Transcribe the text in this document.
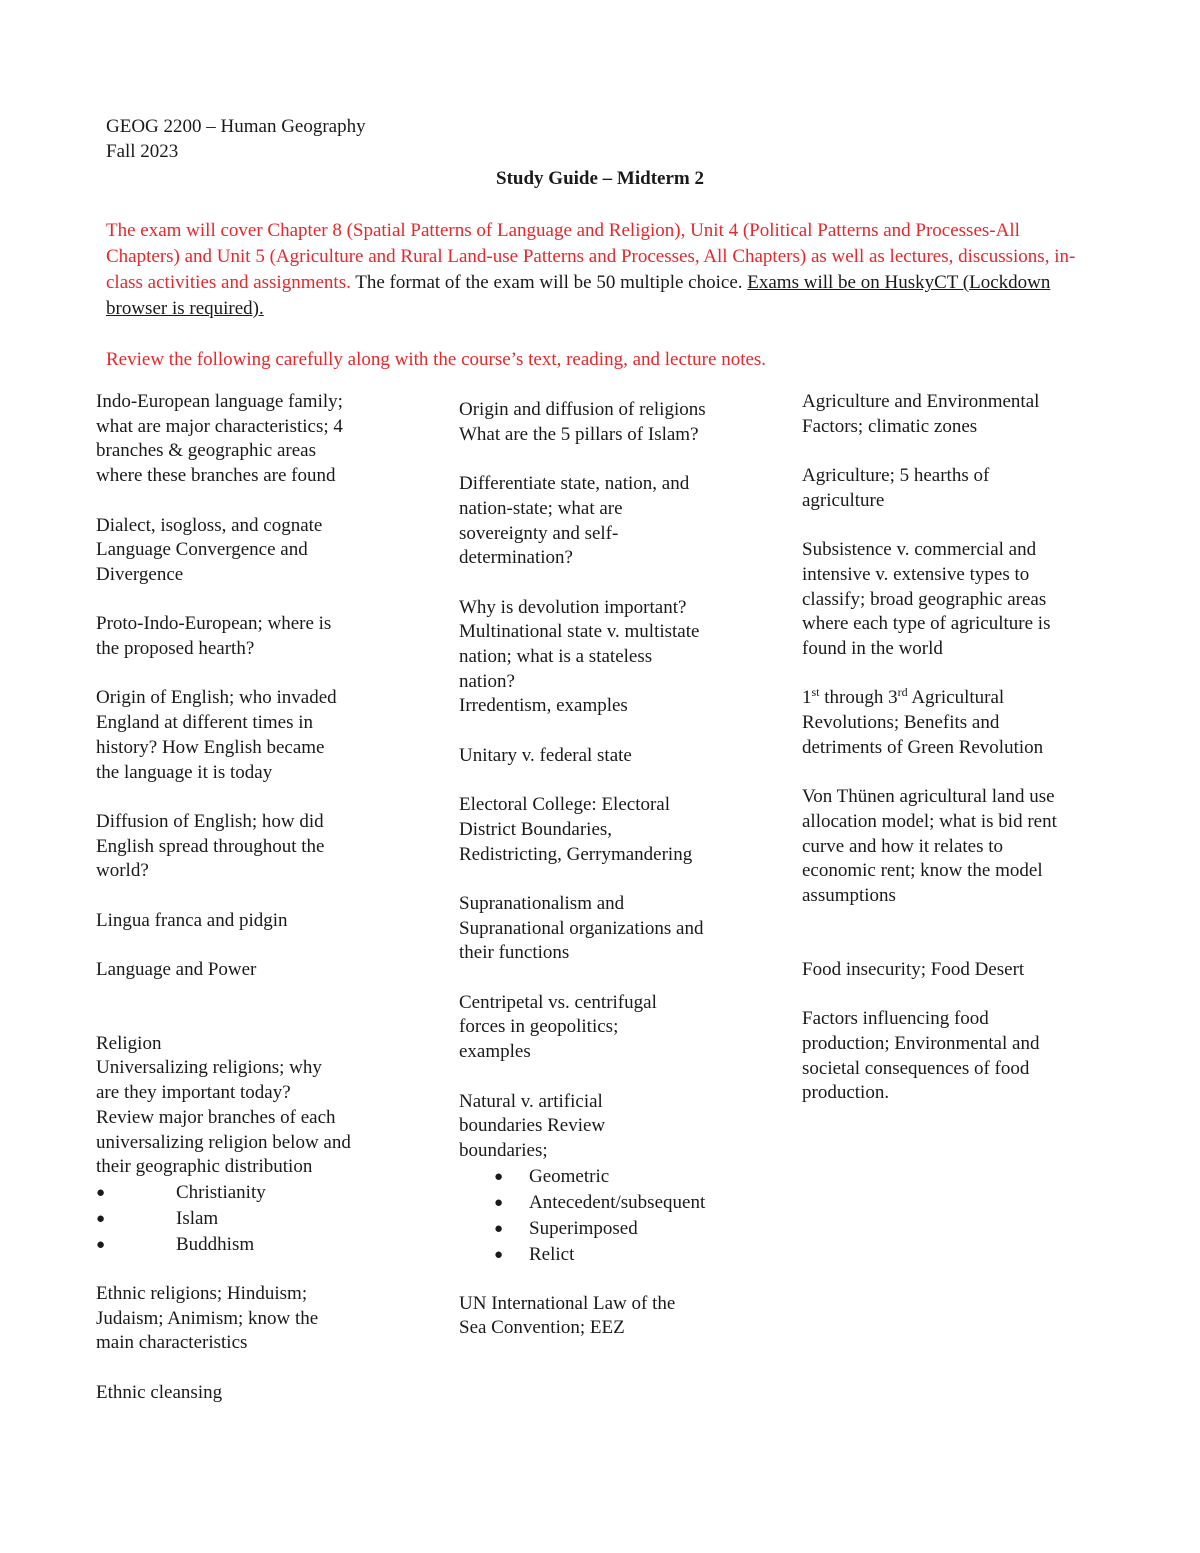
GEOG 2200 – Human Geography

Fall 2023

Study Guide – Midterm 2

The exam will cover Chapter 8 (Spatial Patterns of Language and Religion), Unit 4 (Political Patterns and Processes-All Chapters) and Unit 5 (Agriculture and Rural Land-use Patterns and Processes, All Chapters) as well as lectures, discussions, in-class activities and assignments. The format of the exam will be 50 multiple choice. Exams will be on HuskyCT (Lockdown browser is required).

Review the following carefully along with the course’s text, reading, and lecture notes.

Indo-European language family;

what are major characteristics; 4

branches & geographic areas

where these branches are found

Dialect, isogloss, and cognate

Language Convergence and

Divergence

Proto-Indo-European; where is

the proposed hearth?

Origin of English; who invaded

England at different times in

history? How English became

the language it is today

Diffusion of English; how did

English spread throughout the

world?

Lingua franca and pidgin

Language and Power

Religion

Universalizing religions; why

are they important today?

Review major branches of each

universalizing religion below and

their geographic distribution

●	Christianity
●	Islam
●	Buddhism

Ethnic religions; Hinduism;

Judaism; Animism; know the

main characteristics

Ethnic cleansing

Origin and diffusion of religions

What are the 5 pillars of Islam?

Differentiate state, nation, and

nation-state; what are

sovereignty and self-

determination?

Why is devolution important?

Multinational state v. multistate

nation; what is a stateless

nation?

Irredentism, examples

Unitary v. federal state

Electoral College: Electoral

District Boundaries,

Redistricting, Gerrymandering

Supranationalism and

Supranational organizations and

their functions

Centripetal vs. centrifugal

forces in geopolitics;

examples

Natural v. artificial

boundaries Review

boundaries;

● Geometric
● Antecedent/subsequent
● Superimposed
● Relict

UN International Law of the

Sea Convention; EEZ

Agriculture and Environmental

Factors; climatic zones

Agriculture; 5 hearths of

agriculture

Subsistence v. commercial and

intensive v. extensive types to

classify; broad geographic areas

where each type of agriculture is

found in the world

1st through 3rd Agricultural

Revolutions; Benefits and

detriments of Green Revolution

Von Thünen agricultural land use

allocation model; what is bid rent

curve and how it relates to

economic rent; know the model

assumptions

Food insecurity; Food Desert

Factors influencing food

production; Environmental and

societal consequences of food

production.
